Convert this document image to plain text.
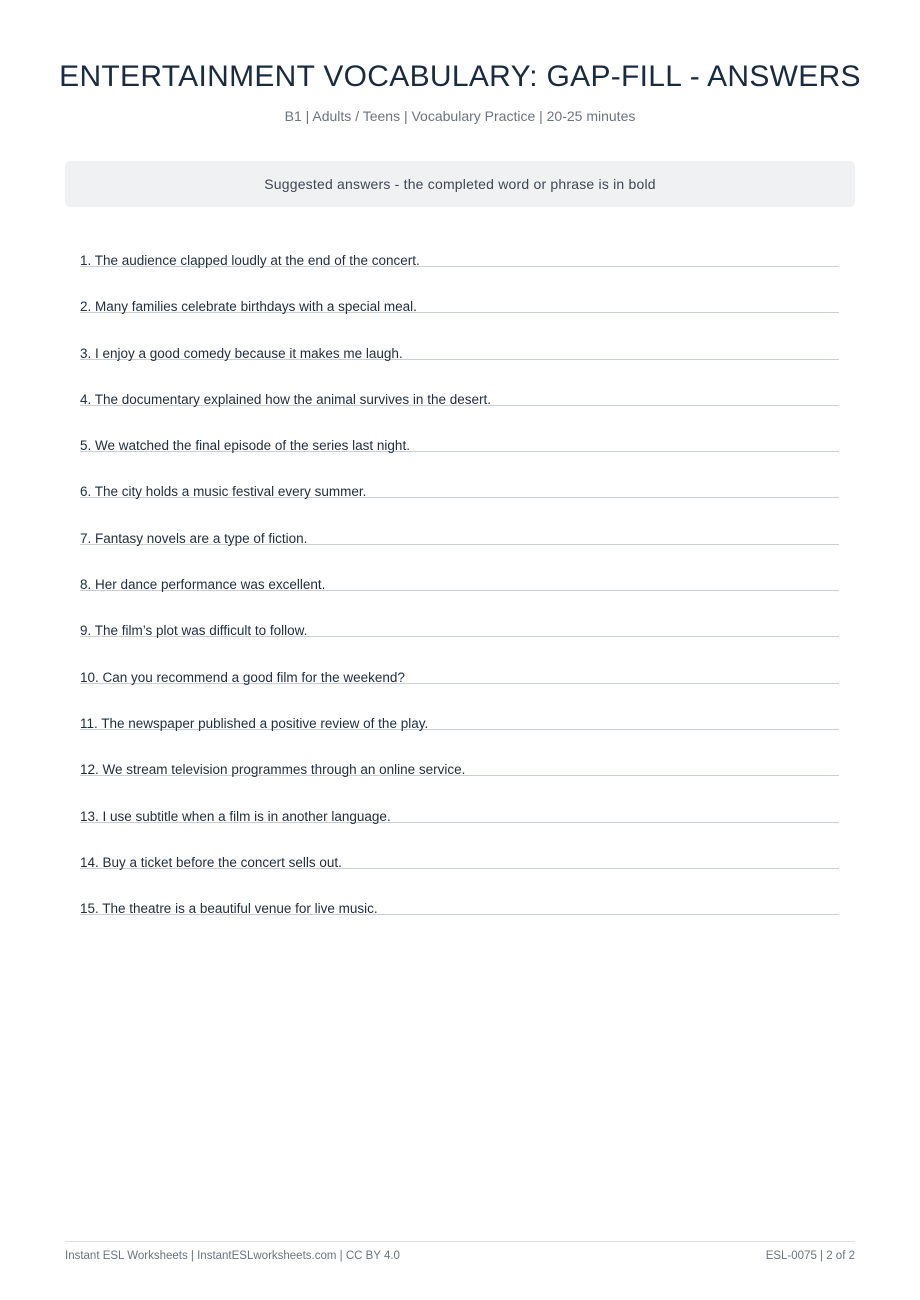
ENTERTAINMENT VOCABULARY: GAP-FILL - ANSWERS

B1 | Adults / Teens | Vocabulary Practice | 20-25 minutes

Suggested answers - the completed word or phrase is in bold
1. The audience clapped loudly at the end of the concert.
2. Many families celebrate birthdays with a special meal.
3. I enjoy a good comedy because it makes me laugh.
4. The documentary explained how the animal survives in the desert.
5. We watched the final episode of the series last night.
6. The city holds a music festival every summer.
7. Fantasy novels are a type of fiction.
8. Her dance performance was excellent.
9. The film’s plot was difficult to follow.
10. Can you recommend a good film for the weekend?
11. The newspaper published a positive review of the play.
12. We stream television programmes through an online service.
13. I use subtitle when a film is in another language.
14. Buy a ticket before the concert sells out.
15. The theatre is a beautiful venue for live music.
Instant ESL Worksheets | InstantESLworksheets.com | CC BY 4.0	ESL-0075 | 2 of 2
